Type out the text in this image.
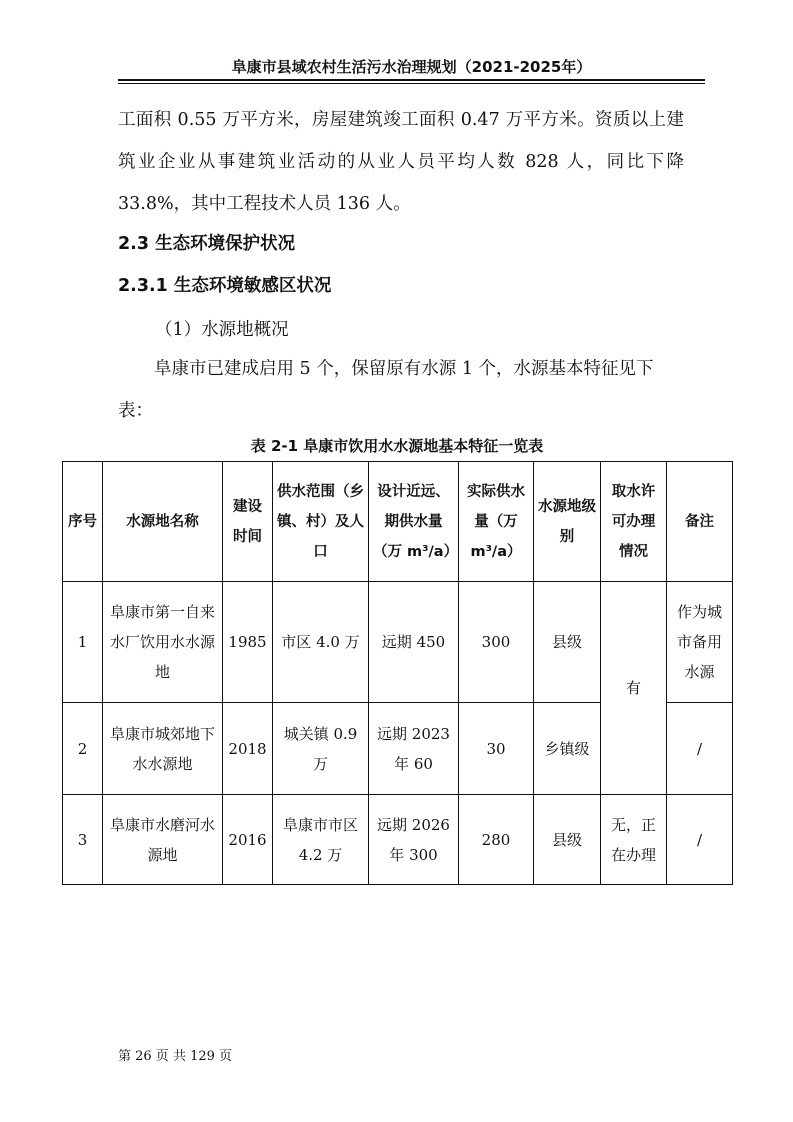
阜康市县域农村生活污水治理规划（2021-2025年）
工面积 0.55 万平方米，房屋建筑竣工面积 0.47 万平方米。资质以上建筑业企业从事建筑业活动的从业人员平均人数 828 人，同比下降 33.8%，其中工程技术人员 136 人。
2.3 生态环境保护状况
2.3.1 生态环境敏感区状况
（1）水源地概况
阜康市已建成启用 5 个，保留原有水源 1 个，水源基本特征见下表：
表 2-1 阜康市饮用水水源地基本特征一览表
序号	水源地名称	建设时间	供水范围（乡镇、村）及人口	设计近远、期供水量（万 m³/a）	实际供水量（万m³/a）	水源地级别	取水许可办理情况	备注
1	阜康市第一自来水厂饮用水水源地	1985	市区 4.0 万	远期 450	300	县级	有	作为城市备用水源
2	阜康市城郊地下水水源地	2018	城关镇 0.9 万	远期 2023 年 60	30	乡镇级		/
3	阜康市水磨河水源地	2016	阜康市市区 4.2 万	远期 2026 年 300	280	县级	无，正在办理	/
第 26 页 共 129 页
